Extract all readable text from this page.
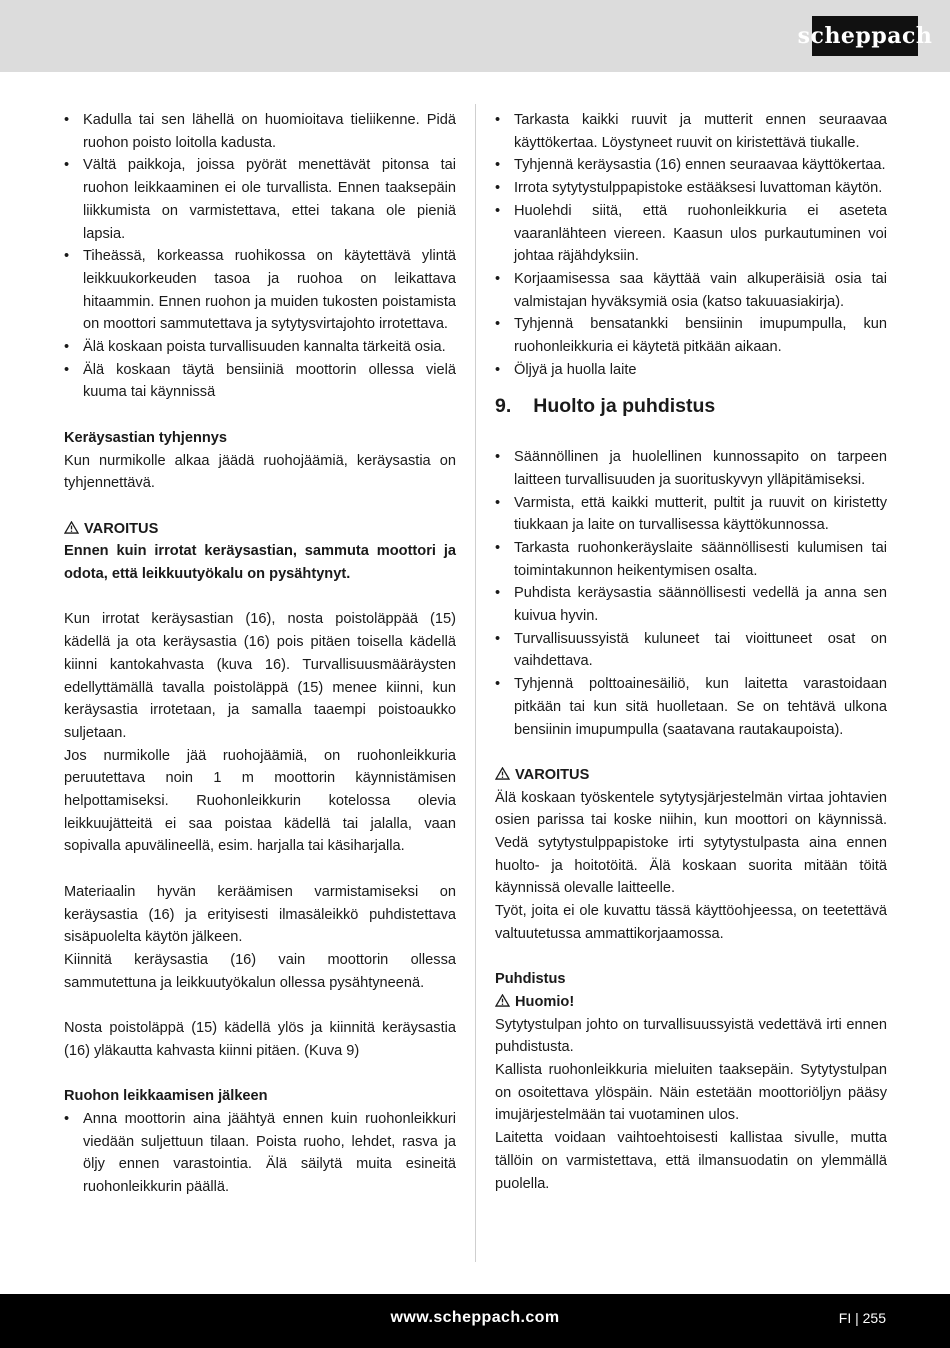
scheppach
• Kadulla tai sen lähellä on huomioitava tieliikenne. Pidä ruohon poisto loitolla kadusta.
• Vältä paikkoja, joissa pyörät menettävät pitonsa tai ruohon leikkaaminen ei ole turvallista. Ennen taaksepäin liikkumista on varmistettava, ettei takana ole pieniä lapsia.
• Tiheässä, korkeassa ruohikossa on käytettävä ylintä leikkuukorkeuden tasoa ja ruohoa on leikattava hitaammin. Ennen ruohon ja muiden tukosten poistamista on moottori sammutettava ja sytytysvirtajohto irrotettava.
• Älä koskaan poista turvallisuuden kannalta tärkeitä osia.
• Älä koskaan täytä bensiiniä moottorin ollessa vielä kuuma tai käynnissä

Keräysastian tyhjennys

Kun nurmikolle alkaa jäädä ruohojäämiä, keräysastia on tyhjennettävä.

VAROITUS

Ennen kuin irrotat keräysastian, sammuta moottori ja odota, että leikkuutyökalu on pysähtynyt.

Kun irrotat keräysastian (16), nosta poistoläppää (15) kädellä ja ota keräysastia (16) pois pitäen toisella kädellä kiinni kantokahvasta (kuva 16). Turvallisuusmääräysten edellyttämällä tavalla poistoläppä (15) menee kiinni, kun keräysastia irrotetaan, ja samalla taaempi poistoaukko suljetaan.

Jos nurmikolle jää ruohojäämiä, on ruohonleikkuria peruutettava noin 1 m moottorin käynnistämisen helpottamiseksi. Ruohonleikkurin kotelossa olevia leikkuujätteitä ei saa poistaa kädellä tai jalalla, vaan sopivalla apuvälineellä, esim. harjalla tai käsiharjalla.

Materiaalin hyvän keräämisen varmistamiseksi on keräysastia (16) ja erityisesti ilmasäleikkö puhdistettava sisäpuolelta käytön jälkeen.

Kiinnitä keräysastia (16) vain moottorin ollessa sammutettuna ja leikkuutyökalun ollessa pysähtyneenä.

Nosta poistoläppä (15) kädellä ylös ja kiinnitä keräysastia (16) yläkautta kahvasta kiinni pitäen. (Kuva 9)

Ruohon leikkaamisen jälkeen

• Anna moottorin aina jäähtyä ennen kuin ruohonleikkuri viedään suljettuun tilaan. Poista ruoho, lehdet, rasva ja öljy ennen varastointia. Älä säilytä muita esineitä ruohonleikkurin päällä.
• Tarkasta kaikki ruuvit ja mutterit ennen seuraavaa käyttökertaa. Löystyneet ruuvit on kiristettävä tiukalle.
• Tyhjennä keräysastia (16) ennen seuraavaa käyttökertaa.
• Irrota sytytystulppapistoke estääksesi luvattoman käytön.
• Huolehdi siitä, että ruohonleikkuria ei aseteta vaaranlähteen viereen. Kaasun ulos purkautuminen voi johtaa räjähdyksiin.
• Korjaamisessa saa käyttää vain alkuperäisiä osia tai valmistajan hyväksymiä osia (katso takuuasiakirja).
• Tyhjennä bensatankki bensiinin imupumpulla, kun ruohonleikkuria ei käytetä pitkään aikaan.
• Öljyä ja huolla laite
9. Huolto ja puhdistus
• Säännöllinen ja huolellinen kunnossapito on tarpeen laitteen turvallisuuden ja suorituskyvyn ylläpitämiseksi.
• Varmista, että kaikki mutterit, pultit ja ruuvit on kiristetty tiukkaan ja laite on turvallisessa käyttökunnossa.
• Tarkasta ruohonkeräyslaite säännöllisesti kulumisen tai toimintakunnon heikentymisen osalta.
• Puhdista keräysastia säännöllisesti vedellä ja anna sen kuivua hyvin.
• Turvallisuussyistä kuluneet tai vioittuneet osat on vaihdettava.
• Tyhjennä polttoainesäiliö, kun laitetta varastoidaan pitkään tai kun sitä huolletaan. Se on tehtävä ulkona bensiinin imupumpulla (saatavana rautakaupoista).

VAROITUS

Älä koskaan työskentele sytytysjärjestelmän virtaa johtavien osien parissa tai koske niihin, kun moottori on käynnissä. Vedä sytytystulppapistoke irti sytytystulpasta aina ennen huolto- ja hoitotöitä. Älä koskaan suorita mitään töitä käynnissä olevalle laitteelle.

Työt, joita ei ole kuvattu tässä käyttöohjeessa, on teetettävä valtuutetussa ammattikorjaamossa.

Puhdistus

Huomio!

Sytytystulpan johto on turvallisuussyistä vedettävä irti ennen puhdistusta.

Kallista ruohonleikkuria mieluiten taaksepäin. Sytytystulpan on osoitettava ylöspäin. Näin estetään moottoriöljyn pääsy imujärjestelmään tai vuotaminen ulos.

Laitetta voidaan vaihtoehtoisesti kallistaa sivulle, mutta tällöin on varmistettava, että ilmansuodatin on ylemmällä puolella.

www.scheppach.com	FI | 255
